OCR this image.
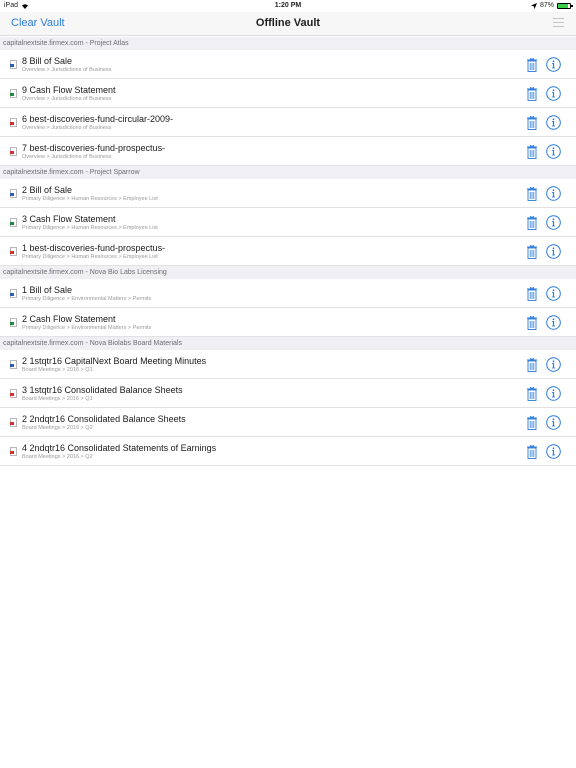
iPad	1:20 PM	87%
Clear Vault	Offline Vault
capitalnextsite.firmex.com - Project Atlas
8 Bill of Sale
Overview > Jurisdictions of Business
9 Cash Flow Statement
Overview > Jurisdictions of Business
6 best-discoveries-fund-circular-2009-
Overview > Jurisdictions of Business
7 best-discoveries-fund-prospectus-
Overview > Jurisdictions of Business
capitalnextsite.firmex.com - Project Sparrow
2 Bill of Sale
Primary Diligence > Human Resources > Employee List
3 Cash Flow Statement
Primary Diligence > Human Resources > Employee List
1 best-discoveries-fund-prospectus-
Primary Diligence > Human Resources > Employee List
capitalnextsite.firmex.com - Nova Bio Labs Licensing
1 Bill of Sale
Primary Diligence > Environmental Matters > Permits
2 Cash Flow Statement
Primary Diligence > Environmental Matters > Permits
capitalnextsite.firmex.com - Nova Biolabs Board Materials
2 1stqtr16 CapitalNext Board Meeting Minutes
Board Meetings > 2016 > Q1
3 1stqtr16 Consolidated Balance Sheets
Board Meetings > 2016 > Q1
2 2ndqtr16 Consolidated Balance Sheets
Board Meetings > 2016 > Q2
4 2ndqtr16 Consolidated Statements of Earnings
Board Meetings > 2016 > Q2
